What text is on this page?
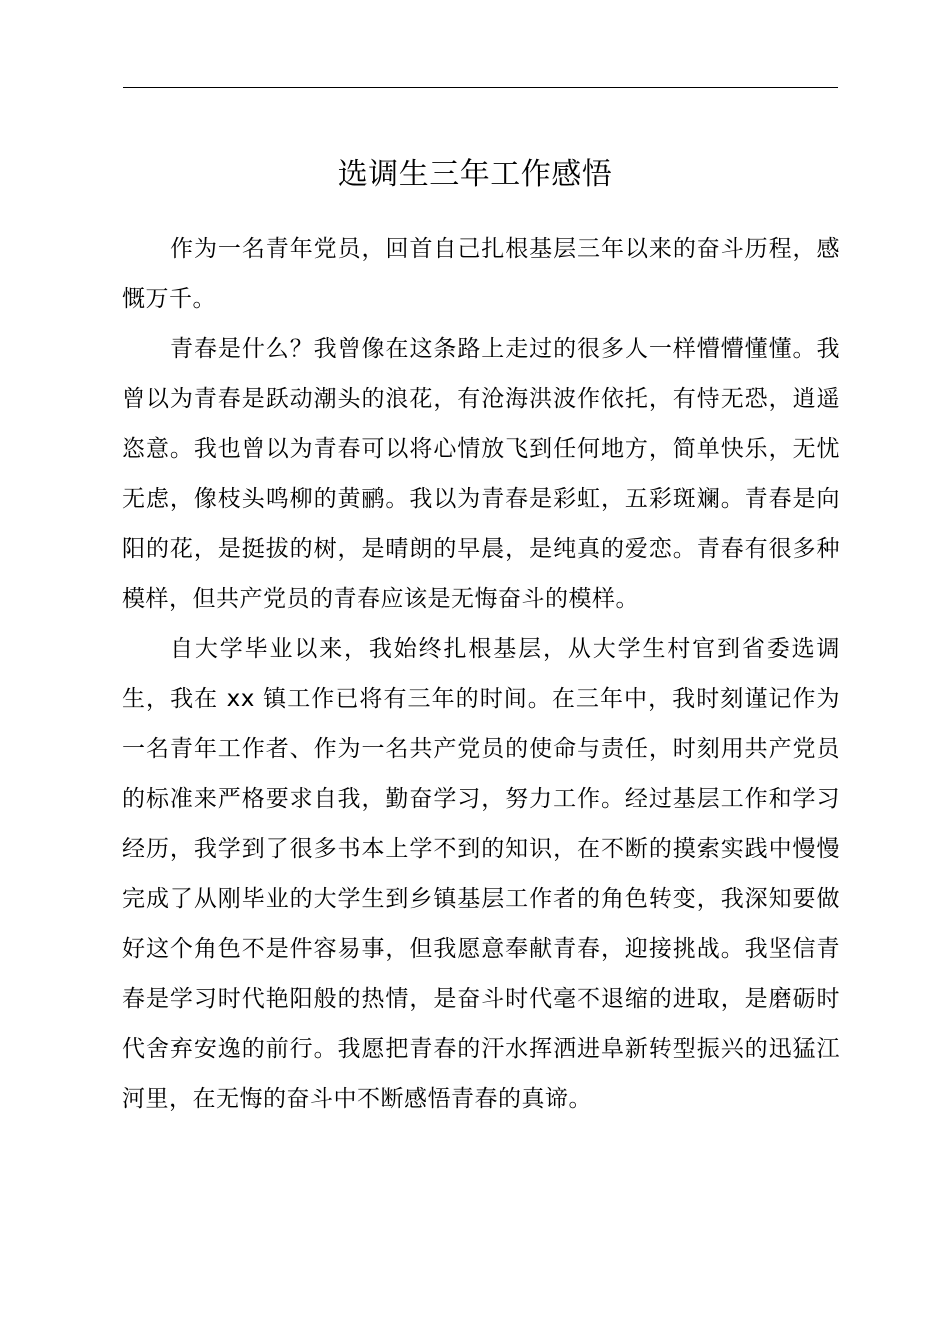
选调生三年工作感悟

作为一名青年党员，回首自己扎根基层三年以来的奋斗历程，感慨万千。

青春是什么？我曾像在这条路上走过的很多人一样懵懵懂懂。我曾以为青春是跃动潮头的浪花，有沧海洪波作依托，有恃无恐，逍遥恣意。我也曾以为青春可以将心情放飞到任何地方，简单快乐，无忧无虑，像枝头鸣柳的黄鹂。我以为青春是彩虹，五彩斑斓。青春是向阳的花，是挺拔的树，是晴朗的早晨，是纯真的爱恋。青春有很多种模样，但共产党员的青春应该是无悔奋斗的模样。

自大学毕业以来，我始终扎根基层，从大学生村官到省委选调生，我在 xx 镇工作已将有三年的时间。在三年中，我时刻谨记作为一名青年工作者、作为一名共产党员的使命与责任，时刻用共产党员的标准来严格要求自我，勤奋学习，努力工作。经过基层工作和学习经历，我学到了很多书本上学不到的知识，在不断的摸索实践中慢慢完成了从刚毕业的大学生到乡镇基层工作者的角色转变，我深知要做好这个角色不是件容易事，但我愿意奉献青春，迎接挑战。我坚信青春是学习时代艳阳般的热情，是奋斗时代毫不退缩的进取，是磨砺时代舍弃安逸的前行。我愿把青春的汗水挥洒进阜新转型振兴的迅猛江河里，在无悔的奋斗中不断感悟青春的真谛。
